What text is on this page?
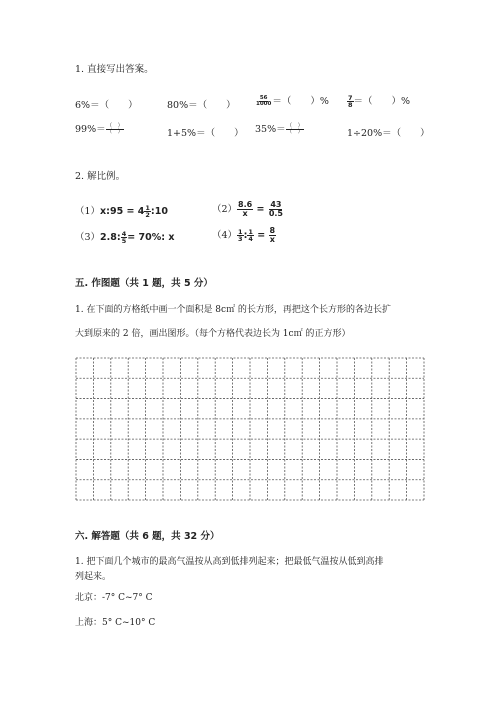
1. 直接写出答案。
6%＝（　　）	80%＝（　　）	$\frac{56}{1000}$ ＝（　　）%	$\frac{7}{8}$ ＝（　　）%
$99\%= \frac{( )}{( )}$	1+5%＝（　　） $35\%= \frac{( )}{( )}$	1÷20%＝（　　）
2. 解比例。
（1）x:95 = $4 \frac{1}{2}$ :10	$(2) \frac{8.6}{x} = \frac{43}{0.5}$
（3）2.8: $\frac{4}{5} = 70\%$: x	$(4) \frac{1}{3}$ : $\frac{1}{4} = \frac{8}{x}$
五. 作图题（共 1 题，共 5 分）
1. 在下面的方格纸中画一个面积是 8c㎡ 的长方形，再把这个长方形的各边长扩
大到原来的 2 倍，画出图形。（每个方格代表边长为 1c㎡ 的正方形）
六. 解答题（共 6 题，共 32 分）
1. 把下面几个城市的最高气温按从高到低排列起来；把最低气温按从低到高排
列起来。
北京：-7° C~7° C
上海：5° C~10° C
